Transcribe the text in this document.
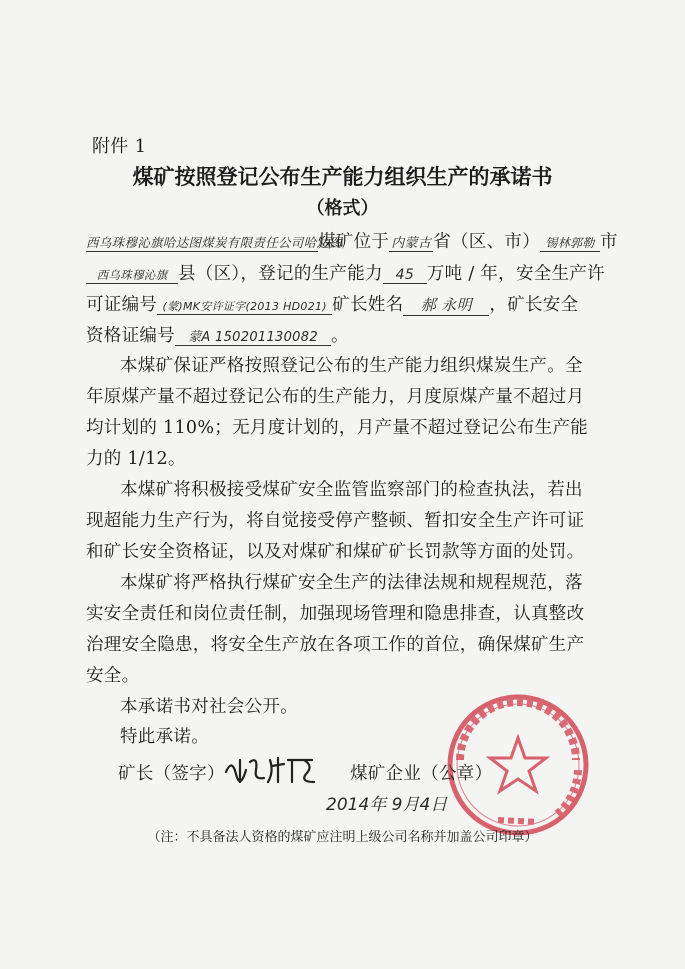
附件 1
煤矿按照登记公布生产能力组织生产的承诺书
（格式）
西乌珠穆沁旗哈达图煤炭有限责任公司哈达图煤矿位于 内蒙古 省（区、市） 锡林郭勒 市
西乌珠穆沁旗 县（区），登记的生产能力 45 万吨 / 年，安全生产许
可证编号 (蒙)MK安许证字(2013 HD021) 矿长姓名 郝 永明 ，矿长安全
资格证编号 蒙A 150201130082 。
本煤矿保证严格按照登记公布的生产能力组织煤炭生产。全
年原煤产量不超过登记公布的生产能力，月度原煤产量不超过月
均计划的 110%；无月度计划的，月产量不超过登记公布生产能
力的 1/12。
本煤矿将积极接受煤矿安全监管监察部门的检查执法，若出
现超能力生产行为，将自觉接受停产整顿、暂扣安全生产许可证
和矿长安全资格证，以及对煤矿和煤矿矿长罚款等方面的处罚。
本煤矿将严格执行煤矿安全生产的法律法规和规程规范，落
实安全责任和岗位责任制，加强现场管理和隐患排查，认真整改
治理安全隐患，将安全生产放在各项工作的首位，确保煤矿生产
安全。
本承诺书对社会公开。
特此承诺。
矿长（签字）	煤矿企业（公章）
2014年 9月4日
（注：不具备法人资格的煤矿应注明上级公司名称并加盖公司印章）
